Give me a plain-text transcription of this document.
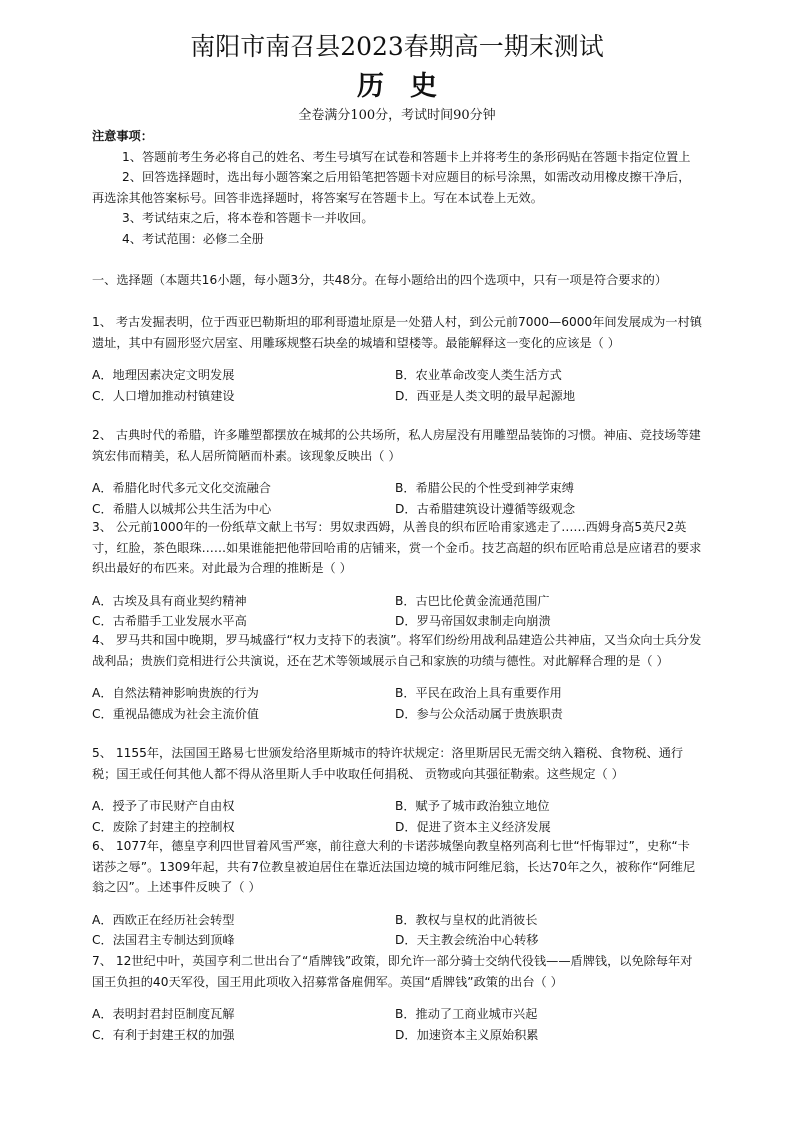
南阳市南召县2023春期高一期末测试
历史
全卷满分100分，考试时间90分钟

注意事项：

1、答题前考生务必将自己的姓名、考生号填写在试卷和答题卡上并将考生的条形码贴在答题卡指定位置上

2、回答选择题时，选出每小题答案之后用铅笔把答题卡对应题目的标号涂黑，如需改动用橡皮擦干净后，再选涂其他答案标号。回答非选择题时，将答案写在答题卡上。写在本试卷上无效。

3、考试结束之后，将本卷和答题卡一并收回。

4、考试范围：必修二全册

一、选择题（本题共16小题，每小题3分，共48分。在每小题给出的四个选项中，只有一项是符合要求的）

1、 考古发掘表明，位于西亚巴勒斯坦的耶利哥遗址原是一处猎人村，到公元前7000—6000年间发展成为一村镇遗址，其中有圆形竖穴居室、用雕琢规整石块垒的城墙和望楼等。最能解释这一变化的应该是（ ）

A．地理因素决定文明发展	B．农业革命改变人类生活方式
C．人口增加推动村镇建设	D．西亚是人类文明的最早起源地

2、 古典时代的希腊，许多雕塑都摆放在城邦的公共场所，私人房屋没有用雕塑品装饰的习惯。神庙、竞技场等建筑宏伟而精美，私人居所简陋而朴素。该现象反映出（ ）

A．希腊化时代多元文化交流融合	B．希腊公民的个性受到神学束缚
C．希腊人以城邦公共生活为中心	D．古希腊建筑设计遵循等级观念

3、 公元前1000年的一份纸草文献上书写：男奴隶西姆，从善良的织布匠哈甫家逃走了……西姆身高5英尺2英寸，红脸，茶色眼珠……如果谁能把他带回哈甫的店铺来，赏一个金币。技艺高超的织布匠哈甫总是应诸君的要求织出最好的布匹来。对此最为合理的推断是（ ）

A．古埃及具有商业契约精神	B．古巴比伦黄金流通范围广
C．古希腊手工业发展水平高	D．罗马帝国奴隶制走向崩溃

4、 罗马共和国中晚期，罗马城盛行“权力支持下的表演”。将军们纷纷用战利品建造公共神庙，又当众向士兵分发战利品；贵族们竞相进行公共演说，还在艺术等领域展示自己和家族的功绩与德性。对此解释合理的是（ ）

A．自然法精神影响贵族的行为	B．平民在政治上具有重要作用
C．重视品德成为社会主流价值	D．参与公众活动属于贵族职责

5、 1155年，法国国王路易七世颁发给洛里斯城市的特许状规定：洛里斯居民无需交纳入籍税、食物税、通行税；国王或任何其他人都不得从洛里斯人手中收取任何捐税、 贡物或向其强征勒索。这些规定（ ）

A．授予了市民财产自由权	B．赋予了城市政治独立地位
C．废除了封建主的控制权	D．促进了资本主义经济发展

6、 1077年，德皇亨利四世冒着风雪严寒，前往意大利的卡诺莎城堡向教皇格列高利七世“忏悔罪过”，史称“卡诺莎之辱”。1309年起，共有7位教皇被迫居住在靠近法国边境的城市阿维尼翁，长达70年之久，被称作“阿维尼翁之囚”。上述事件反映了（ ）

A．西欧正在经历社会转型	B．教权与皇权的此消彼长
C．法国君主专制达到顶峰	D．天主教会统治中心转移

7、 12世纪中叶，英国亨利二世出台了“盾牌钱”政策，即允许一部分骑士交纳代役钱——盾牌钱，以免除每年对国王负担的40天军役，国王用此项收入招募常备雇佣军。英国“盾牌钱”政策的出台（ ）

A．表明封君封臣制度瓦解	B．推动了工商业城市兴起
C．有利于封建王权的加强	D．加速资本主义原始积累
